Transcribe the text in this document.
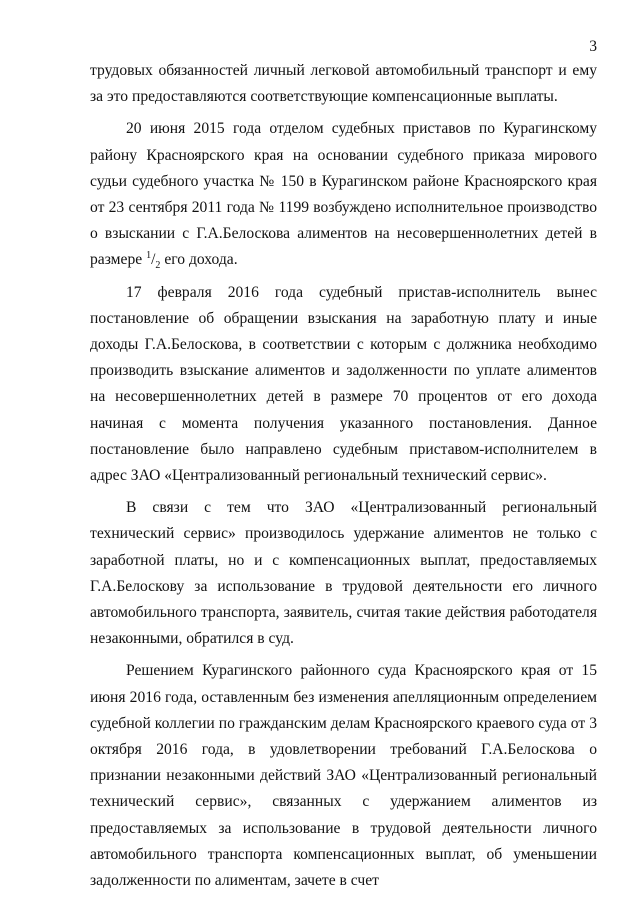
3

трудовых обязанностей личный легковой автомобильный транспорт и ему за это предоставляются соответствующие компенсационные выплаты.

20 июня 2015 года отделом судебных приставов по Курагинскому району Красноярского края на основании судебного приказа мирового судьи судебного участка № 150 в Курагинском районе Красноярского края от 23 сентября 2011 года № 1199 возбуждено исполнительное производство о взыскании с Г.А.Белоскова алиментов на несовершеннолетних детей в размере $^1/_2$ его дохода.

17 февраля 2016 года судебный пристав-исполнитель вынес постановление об обращении взыскания на заработную плату и иные доходы Г.А.Белоскова, в соответствии с которым с должника необходимо производить взыскание алиментов и задолженности по уплате алиментов на несовершеннолетних детей в размере 70 процентов от его дохода начиная с момента получения указанного постановления. Данное постановление было направлено судебным приставом-исполнителем в адрес ЗАО «Централизованный региональный технический сервис».

В связи с тем что ЗАО «Централизованный региональный технический сервис» производилось удержание алиментов не только с заработной платы, но и с компенсационных выплат, предоставляемых Г.А.Белоскову за использование в трудовой деятельности его личного автомобильного транспорта, заявитель, считая такие действия работодателя незаконными, обратился в суд.

Решением Курагинского районного суда Красноярского края от 15 июня 2016 года, оставленным без изменения апелляционным определением судебной коллегии по гражданским делам Красноярского краевого суда от 3 октября 2016 года, в удовлетворении требований Г.А.Белоскова о признании незаконными действий ЗАО «Централизованный региональный технический сервис», связанных с удержанием алиментов из предоставляемых за использование в трудовой деятельности личного автомобильного транспорта компенсационных выплат, об уменьшении задолженности по алиментам, зачете в счет
